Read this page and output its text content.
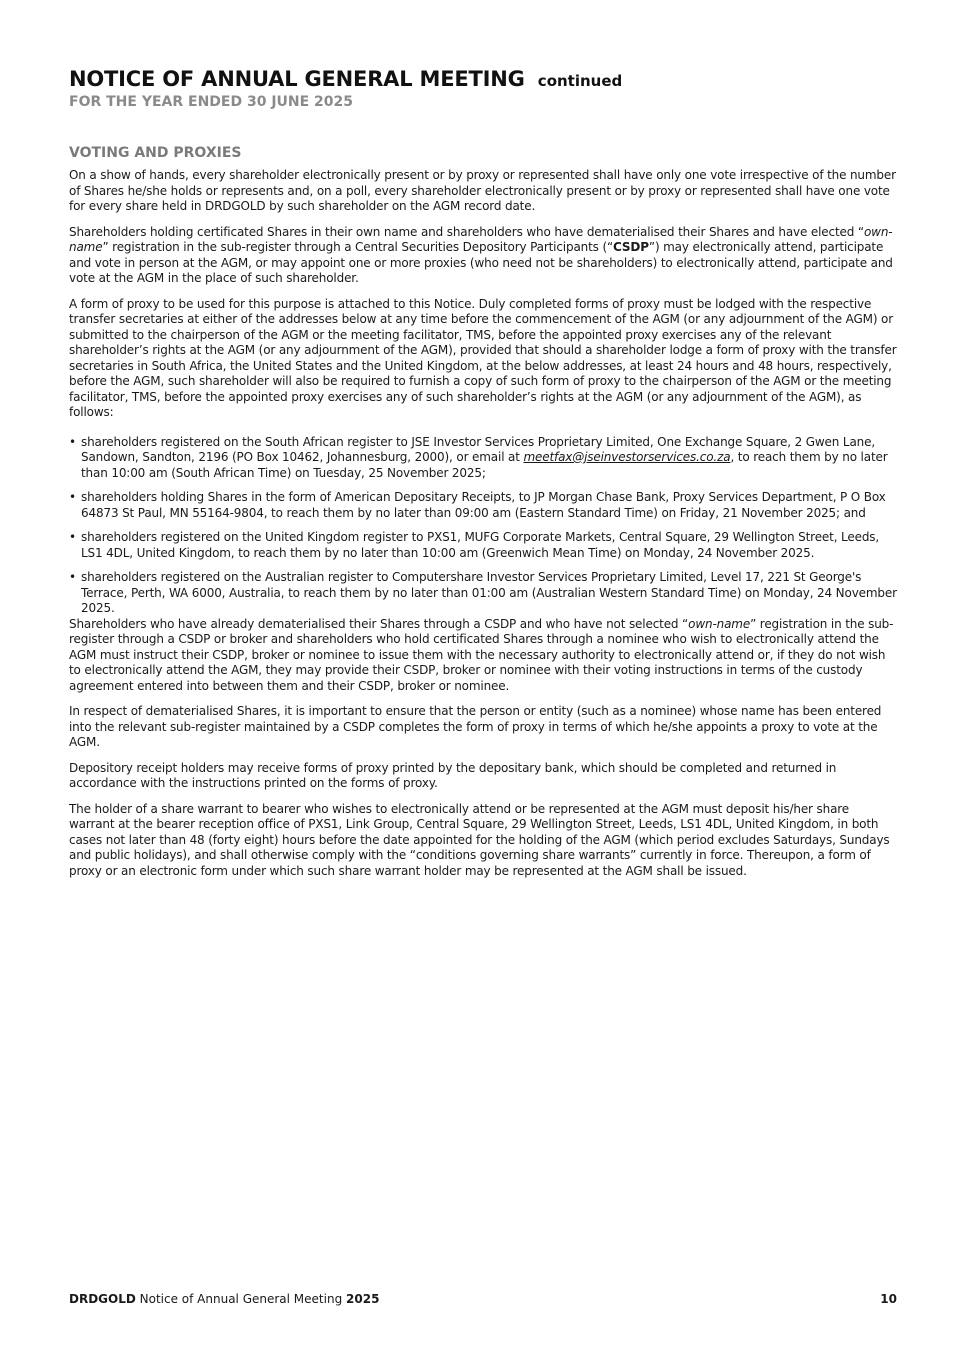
NOTICE OF ANNUAL GENERAL MEETING continued

FOR THE YEAR ENDED 30 JUNE 2025

VOTING AND PROXIES

On a show of hands, every shareholder electronically present or by proxy or represented shall have only one vote irrespective of the number of Shares he/she holds or represents and, on a poll, every shareholder electronically present or by proxy or represented shall have one vote for every share held in DRDGOLD by such shareholder on the AGM record date.

Shareholders holding certificated Shares in their own name and shareholders who have dematerialised their Shares and have elected “own-name” registration in the sub-register through a Central Securities Depository Participants (“CSDP”) may electronically attend, participate and vote in person at the AGM, or may appoint one or more proxies (who need not be shareholders) to electronically attend, participate and vote at the AGM in the place of such shareholder.

A form of proxy to be used for this purpose is attached to this Notice. Duly completed forms of proxy must be lodged with the respective transfer secretaries at either of the addresses below at any time before the commencement of the AGM (or any adjournment of the AGM) or submitted to the chairperson of the AGM or the meeting facilitator, TMS, before the appointed proxy exercises any of the relevant shareholder’s rights at the AGM (or any adjournment of the AGM), provided that should a shareholder lodge a form of proxy with the transfer secretaries in South Africa, the United States and the United Kingdom, at the below addresses, at least 24 hours and 48 hours, respectively, before the AGM, such shareholder will also be required to furnish a copy of such form of proxy to the chairperson of the AGM or the meeting facilitator, TMS, before the appointed proxy exercises any of such shareholder’s rights at the AGM (or any adjournment of the AGM), as follows:

• shareholders registered on the South African register to JSE Investor Services Proprietary Limited, One Exchange Square, 2 Gwen Lane, Sandown, Sandton, 2196 (PO Box 10462, Johannesburg, 2000), or email at meetfax@jseinvestorservices.co.za, to reach them by no later than 10:00 am (South African Time) on Tuesday, 25 November 2025;
• shareholders holding Shares in the form of American Depositary Receipts, to JP Morgan Chase Bank, Proxy Services Department, P O Box 64873 St Paul, MN 55164-9804, to reach them by no later than 09:00 am (Eastern Standard Time) on Friday, 21 November 2025; and
• shareholders registered on the United Kingdom register to PXS1, MUFG Corporate Markets, Central Square, 29 Wellington Street, Leeds, LS1 4DL, United Kingdom, to reach them by no later than 10:00 am (Greenwich Mean Time) on Monday, 24 November 2025.
• shareholders registered on the Australian register to Computershare Investor Services Proprietary Limited, Level 17, 221 St George's Terrace, Perth, WA 6000, Australia, to reach them by no later than 01:00 am (Australian Western Standard Time) on Monday, 24 November 2025.

Shareholders who have already dematerialised their Shares through a CSDP and who have not selected “own-name” registration in the sub-register through a CSDP or broker and shareholders who hold certificated Shares through a nominee who wish to electronically attend the AGM must instruct their CSDP, broker or nominee to issue them with the necessary authority to electronically attend or, if they do not wish to electronically attend the AGM, they may provide their CSDP, broker or nominee with their voting instructions in terms of the custody agreement entered into between them and their CSDP, broker or nominee.

In respect of dematerialised Shares, it is important to ensure that the person or entity (such as a nominee) whose name has been entered into the relevant sub-register maintained by a CSDP completes the form of proxy in terms of which he/she appoints a proxy to vote at the AGM.

Depository receipt holders may receive forms of proxy printed by the depositary bank, which should be completed and returned in accordance with the instructions printed on the forms of proxy.

The holder of a share warrant to bearer who wishes to electronically attend or be represented at the AGM must deposit his/her share warrant at the bearer reception office of PXS1, Link Group, Central Square, 29 Wellington Street, Leeds, LS1 4DL, United Kingdom, in both cases not later than 48 (forty eight) hours before the date appointed for the holding of the AGM (which period excludes Saturdays, Sundays and public holidays), and shall otherwise comply with the “conditions governing share warrants” currently in force. Thereupon, a form of proxy or an electronic form under which such share warrant holder may be represented at the AGM shall be issued.

DRDGOLD Notice of Annual General Meeting 2025	10
